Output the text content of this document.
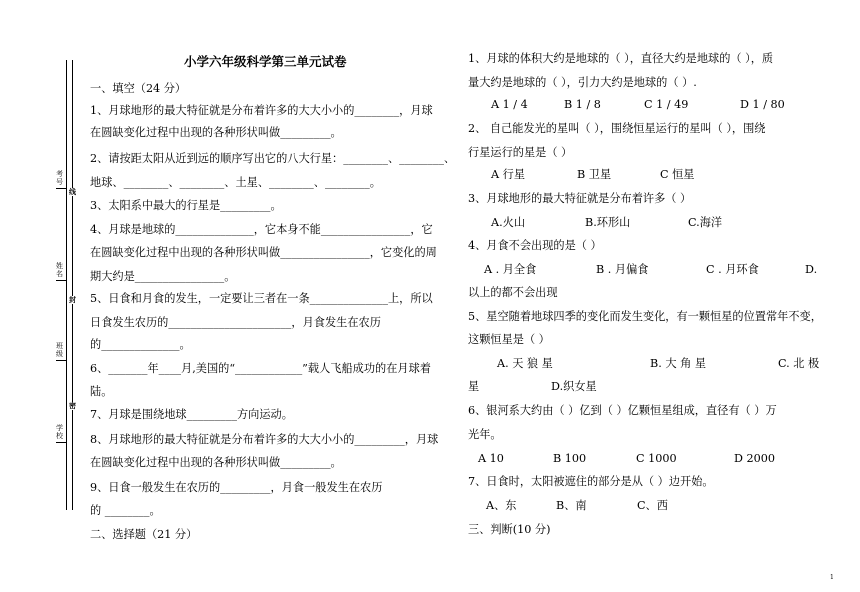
考号
姓名
班级
学校
线
封
密
小学六年级科学第三单元试卷
一、填空（24 分）
1、月球地形的最大特征就是分布着许多的大大小小的________，月球
在圆缺变化过程中出现的各种形状叫做_________。
2、请按距太阳从近到远的顺序写出它的八大行星：________、________、
地球、________、________、土星、________、________。
3、太阳系中最大的行星是_________。
4、月球是地球的______________，它本身不能________________，它
在圆缺变化过程中出现的各种形状叫做________________，它变化的周
期大约是________________。
5、日食和月食的发生，一定要让三者在一条______________上，所以
日食发生农历的______________________，月食发生在农历
的______________。
6、_______年____月,美国的“____________”载人飞船成功的在月球着
陆。
7、月球是围绕地球_________方向运动。
8、月球地形的最大特征就是分布着许多的大大小小的_________，月球
在圆缺变化过程中出现的各种形状叫做_________。
9、日食一般发生在农历的_________，月食一般发生在农历
的 ________。
二、选择题（21 分）
1、月球的体积大约是地球的（ ），直径大约是地球的（ ），质
量大约是地球的（ ），引力大约是地球的（ ）.
A 1 / 4	B 1 / 8	C 1 / 49	D 1 / 80
2、 自己能发光的星叫（ ），围绕恒星运行的星叫（ ），围绕
行星运行的星是（ ）
A 行星	B 卫星	C 恒星
3、月球地形的最大特征就是分布着许多（ ）
A.火山	B.环形山	C.海洋
4、月食不会出现的是（ ）
A . 月全食	B . 月偏食	C . 月环食	D.
以上的都不会出现
5、星空随着地球四季的变化而发生变化，有一颗恒星的位置常年不变，
这颗恒星是（ ）
A. 天 狼 星	B. 大 角 星	C. 北 极
星	D.织女星
6、银河系大约由（ ）亿到（ ）亿颗恒星组成，直径有（ ）万
光年。
A 10	B 100	C 1000	D 2000
7、日食时，太阳被遮住的部分是从（ ）边开始。
A、东	B、南	C、西
三、判断(10 分)
1
